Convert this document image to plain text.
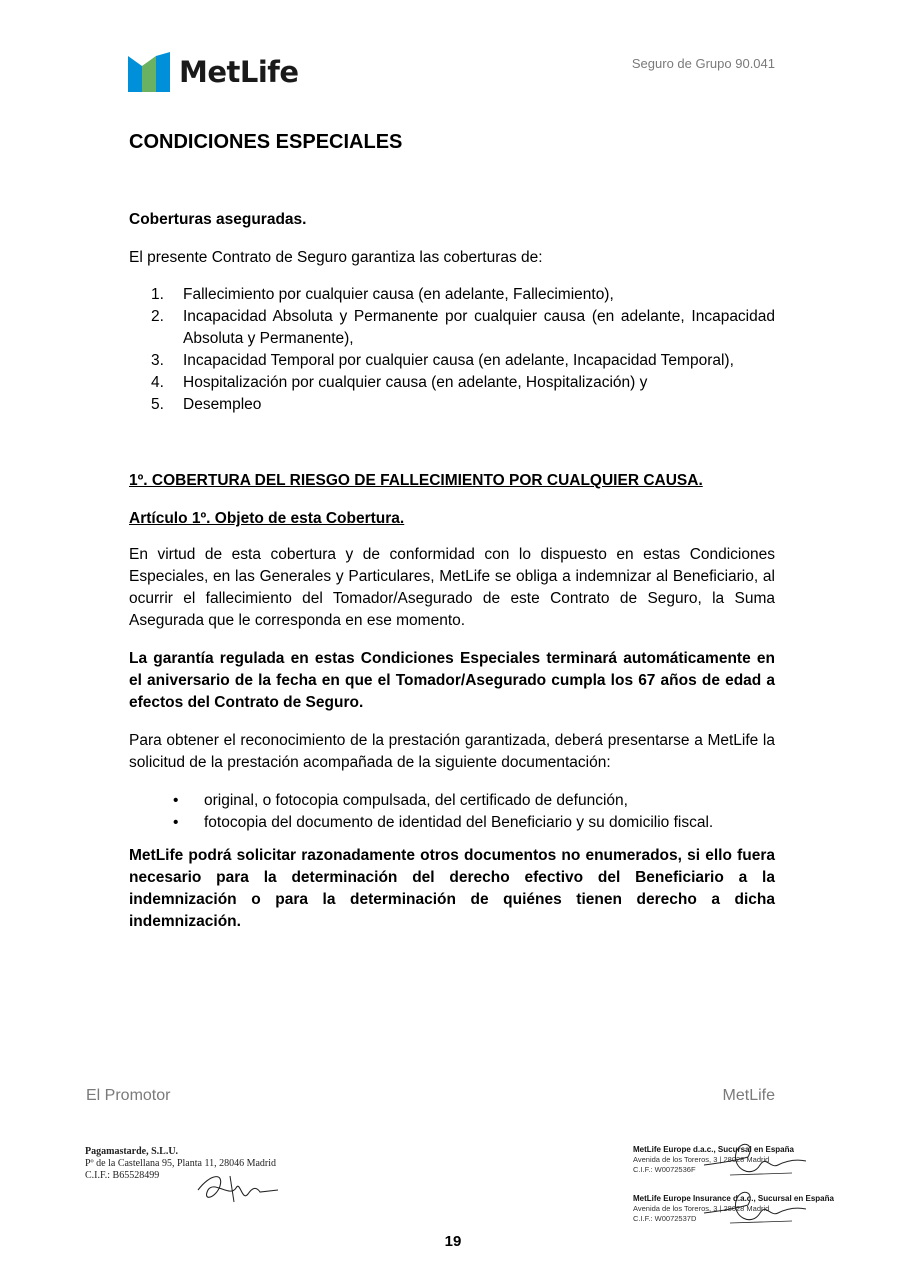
MetLife	Seguro de Grupo 90.041
CONDICIONES ESPECIALES
Coberturas aseguradas.
El presente Contrato de Seguro garantiza las coberturas de:
1. Fallecimiento por cualquier causa (en adelante, Fallecimiento),
2. Incapacidad Absoluta y Permanente por cualquier causa (en adelante, Incapacidad Absoluta y Permanente),
3. Incapacidad Temporal por cualquier causa (en adelante, Incapacidad Temporal),
4. Hospitalización por cualquier causa (en adelante, Hospitalización) y
5. Desempleo
1º. COBERTURA DEL RIESGO DE FALLECIMIENTO POR CUALQUIER CAUSA.
Artículo 1º. Objeto de esta Cobertura.
En virtud de esta cobertura y de conformidad con lo dispuesto en estas Condiciones Especiales, en las Generales y Particulares, MetLife se obliga a indemnizar al Beneficiario, al ocurrir el fallecimiento del Tomador/Asegurado de este Contrato de Seguro, la Suma Asegurada que le corresponda en ese momento.
La garantía regulada en estas Condiciones Especiales terminará automáticamente en el aniversario de la fecha en que el Tomador/Asegurado cumpla los 67 años de edad a efectos del Contrato de Seguro.
Para obtener el reconocimiento de la prestación garantizada, deberá presentarse a MetLife la solicitud de la prestación acompañada de la siguiente documentación:
• original, o fotocopia compulsada, del certificado de defunción,
• fotocopia del documento de identidad del Beneficiario y su domicilio fiscal.
MetLife podrá solicitar razonadamente otros documentos no enumerados, si ello fuera necesario para la determinación del derecho efectivo del Beneficiario a la indemnización o para la determinación de quiénes tienen derecho a dicha indemnización.
El Promotor	MetLife
Pagamastarde, S.L.U.
Pº de la Castellana 95, Planta 11, 28046 Madrid
C.I.F.: B65528499
MetLife Europe d.a.c., Sucursal en España
Avenida de los Toreros, 3 | 28028 Madrid
C.I.F.: W0072536F
MetLife Europe Insurance d.a.c., Sucursal en España
Avenida de los Toreros, 3 | 28028 Madrid
C.I.F.: W0072537D
19
